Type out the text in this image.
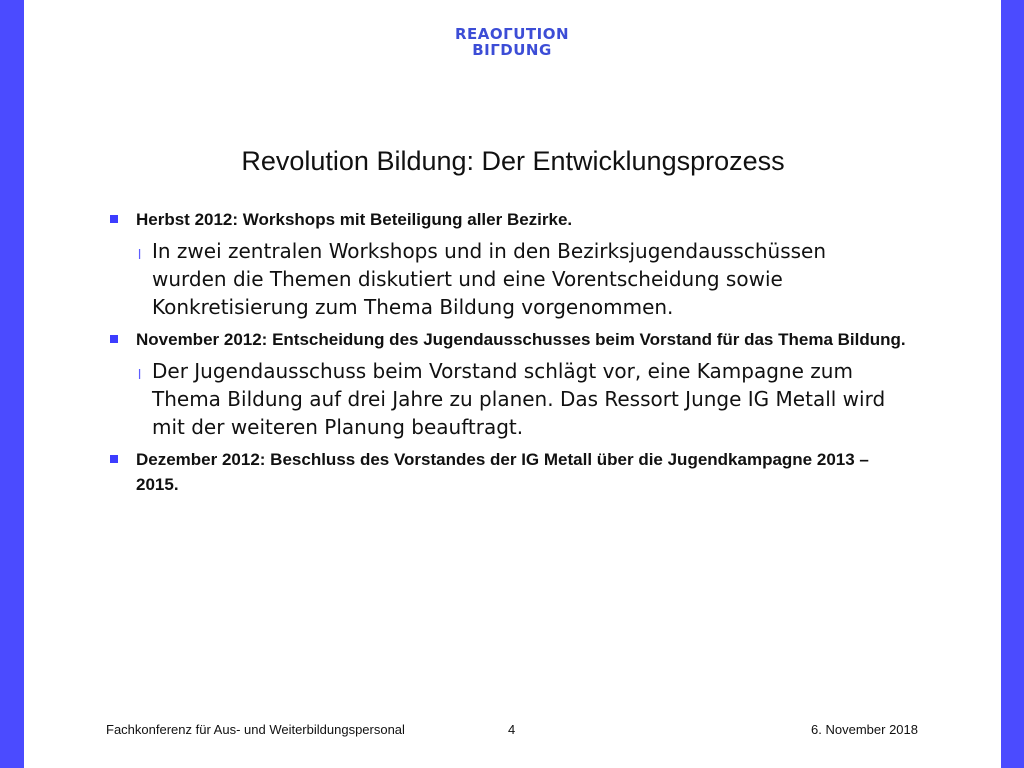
REAOГUTION
BIГDUNG
Revolution Bildung: Der Entwicklungsprozess
Herbst 2012: Workshops mit Beteiligung aller Bezirke.
l In zwei zentralen Workshops und in den Bezirksjugendausschüssen wurden die Themen diskutiert und eine Vorentscheidung sowie Konkretisierung zum Thema Bildung vorgenommen.
November 2012: Entscheidung des Jugendausschusses beim Vorstand für das Thema Bildung.
l Der Jugendausschuss beim Vorstand schlägt vor, eine Kampagne zum Thema Bildung auf drei Jahre zu planen. Das Ressort Junge IG Metall wird mit der weiteren Planung beauftragt.
Dezember 2012: Beschluss des Vorstandes der IG Metall über die Jugendkampagne 2013 – 2015.
Fachkonferenz für Aus- und Weiterbildungspersonal	4	6. November 2018
